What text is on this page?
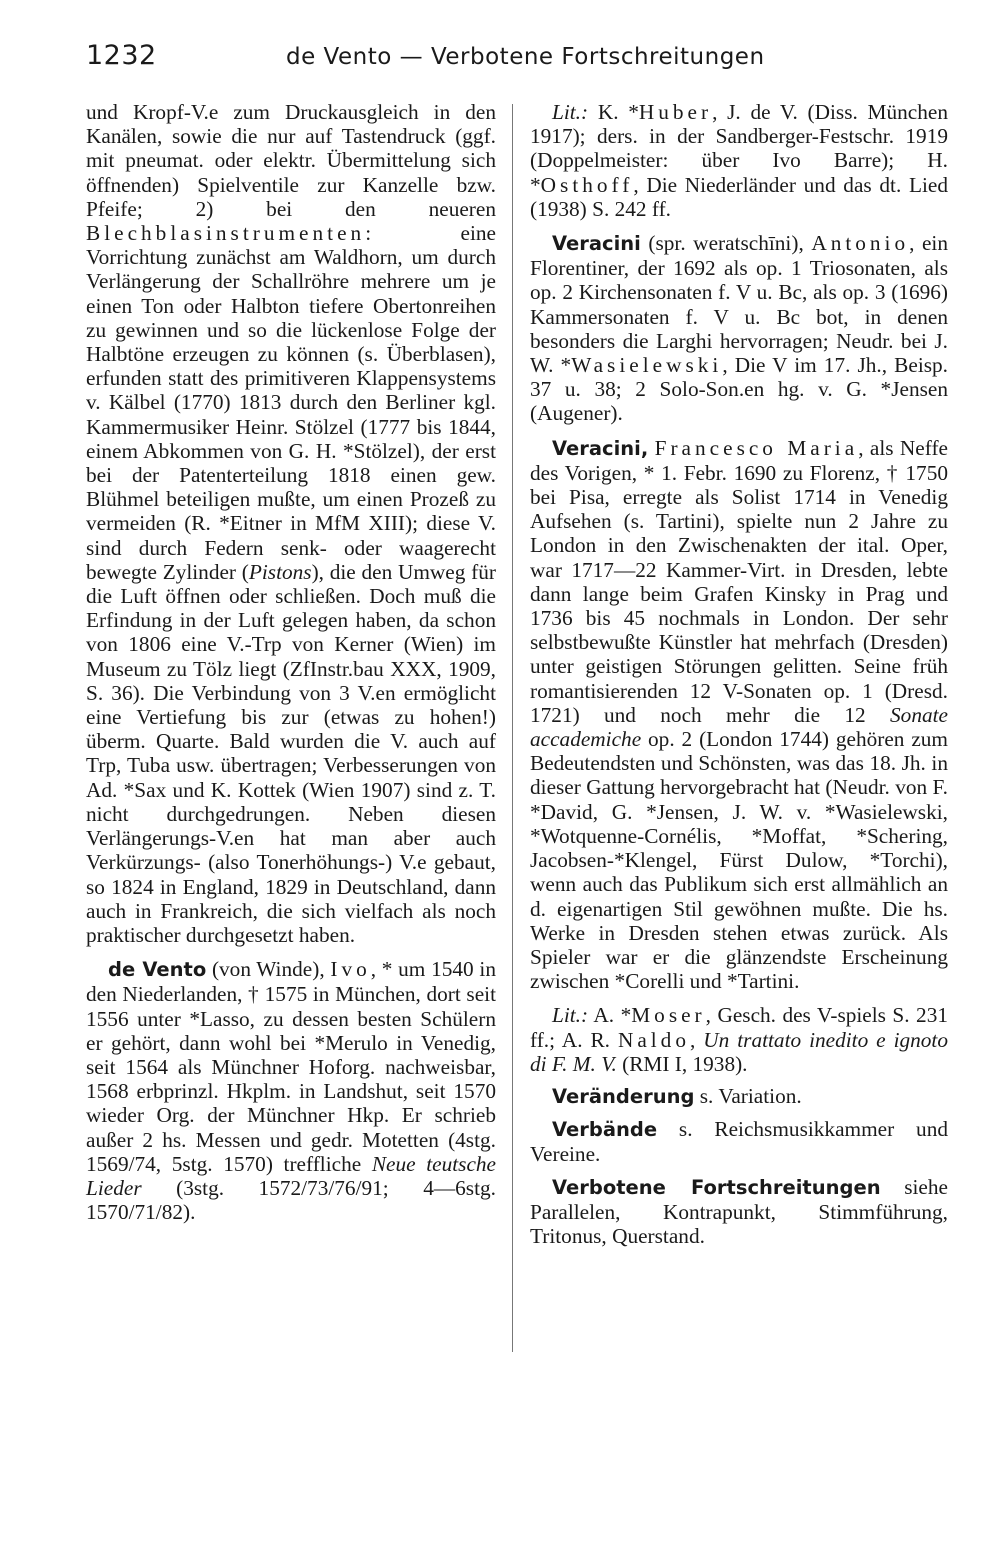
1232	de Vento — Verbotene Fortschreitungen

und Kropf-V.e zum Druckausgleich in den Kanälen, sowie die nur auf Tastendruck (ggf. mit pneumat. oder elektr. Übermittelung sich öffnenden) Spielventile zur Kanzelle bzw. Pfeife; 2) bei den neueren Blechblasinstrumenten: eine Vorrichtung zunächst am Waldhorn, um durch Verlängerung der Schallröhre mehrere um je einen Ton oder Halbton tiefere Obertonreihen zu gewinnen und so die lückenlose Folge der Halbtöne erzeugen zu können (s. Überblasen), erfunden statt des primitiveren Klappensystems v. Kälbel (1770) 1813 durch den Berliner kgl. Kammermusiker Heinr. Stölzel (1777 bis 1844, einem Abkommen von G. H. *Stölzel), der erst bei der Patenterteilung 1818 einen gew. Blühmel beteiligen mußte, um einen Prozeß zu vermeiden (R. *Eitner in MfM XIII); diese V. sind durch Federn senk- oder waagerecht bewegte Zylinder (Pistons), die den Umweg für die Luft öffnen oder schließen. Doch muß die Erfindung in der Luft gelegen haben, da schon von 1806 eine V.-Trp von Kerner (Wien) im Museum zu Tölz liegt (ZfInstr.bau XXX, 1909, S. 36). Die Verbindung von 3 V.en ermöglicht eine Vertiefung bis zur (etwas zu hohen!) überm. Quarte. Bald wurden die V. auch auf Trp, Tuba usw. übertragen; Verbesserungen von Ad. *Sax und K. Kottek (Wien 1907) sind z. T. nicht durchgedrungen. Neben diesen Verlängerungs-V.en hat man aber auch Verkürzungs- (also Tonerhöhungs-) V.e gebaut, so 1824 in England, 1829 in Deutschland, dann auch in Frankreich, die sich vielfach als noch praktischer durchgesetzt haben.

de Vento (von Winde), Ivo, * um 1540 in den Niederlanden, † 1575 in München, dort seit 1556 unter *Lasso, zu dessen besten Schülern er gehört, dann wohl bei *Merulo in Venedig, seit 1564 als Münchner Hoforg. nachweisbar, 1568 erbprinzl. Hkplm. in Landshut, seit 1570 wieder Org. der Münchner Hkp. Er schrieb außer 2 hs. Messen und gedr. Motetten (4stg. 1569/74, 5stg. 1570) treffliche Neue teutsche Lieder (3stg. 1572/73/76/91; 4—6stg. 1570/71/82).

Lit.: K. *Huber, J. de V. (Diss. München 1917); ders. in der Sandberger-Festschr. 1919 (Doppelmeister: über Ivo Barre); H. *Osthoff, Die Niederländer und das dt. Lied (1938) S. 242 ff.

Veracini (spr. weratschīni), Antonio, ein Florentiner, der 1692 als op. 1 Triosonaten, als op. 2 Kirchensonaten f. V u. Bc, als op. 3 (1696) Kammersonaten f. V u. Bc bot, in denen besonders die Larghi hervorragen; Neudr. bei J. W. *Wasielewski, Die V im 17. Jh., Beisp. 37 u. 38; 2 Solo-Son.en hg. v. G. *Jensen (Augener).

Veracini, Francesco Maria, als Neffe des Vorigen, * 1. Febr. 1690 zu Florenz, † 1750 bei Pisa, erregte als Solist 1714 in Venedig Aufsehen (s. Tartini), spielte nun 2 Jahre zu London in den Zwischenakten der ital. Oper, war 1717—22 Kammer-Virt. in Dresden, lebte dann lange beim Grafen Kinsky in Prag und 1736 bis 45 nochmals in London. Der sehr selbstbewußte Künstler hat mehrfach (Dresden) unter geistigen Störungen gelitten. Seine früh romantisierenden 12 V-Sonaten op. 1 (Dresd. 1721) und noch mehr die 12 Sonate accademiche op. 2 (London 1744) gehören zum Bedeutendsten und Schönsten, was das 18. Jh. in dieser Gattung hervorgebracht hat (Neudr. von F. *David, G. *Jensen, J. W. v. *Wasielewski, *Wotquenne-Cornélis, *Moffat, *Schering, Jacobsen-*Klengel, Fürst Dulow, *Torchi), wenn auch das Publikum sich erst allmählich an d. eigenartigen Stil gewöhnen mußte. Die hs. Werke in Dresden stehen etwas zurück. Als Spieler war er die glänzendste Erscheinung zwischen *Corelli und *Tartini.

Lit.: A. *Moser, Gesch. des V-spiels S. 231 ff.; A. R. Naldo, Un trattato inedito e ignoto di F. M. V. (RMI I, 1938).

Veränderung s. Variation.

Verbände s. Reichsmusikkammer und Vereine.

Verbotene Fortschreitungen siehe Parallelen, Kontrapunkt, Stimmführung, Tritonus, Querstand.
